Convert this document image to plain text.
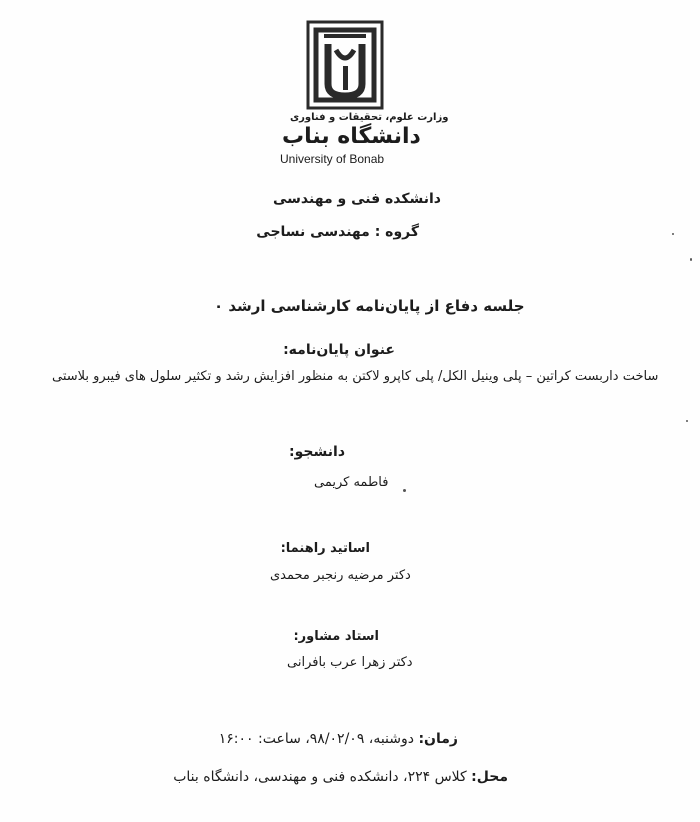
وزارت علوم، تحقیقات و فناوری
دانشگاه بناب
University of Bonab
دانشکده فنی و مهندسی
گروه : مهندسی نساجی
جلسه دفاع از پایان‌نامه کارشناسی ارشد ۰
عنوان پایان‌نامه:
ساخت داربست کراتین – پلی وینیل الکل/ پلی کاپرو لاکتن به منظور افزایش رشد و تکثیر سلول های فیبرو بلاستی
دانشجو:
فاطمه کریمی
اساتید راهنما:
دکتر مرضیه رنجبر محمدی
استاد مشاور:
دکتر زهرا عرب بافرانی
زمان: دوشنبه، ۹۸/۰۲/۰۹، ساعت: ۱۶:۰۰
محل: کلاس ۲۲۴، دانشکده فنی و مهندسی، دانشگاه بناب
